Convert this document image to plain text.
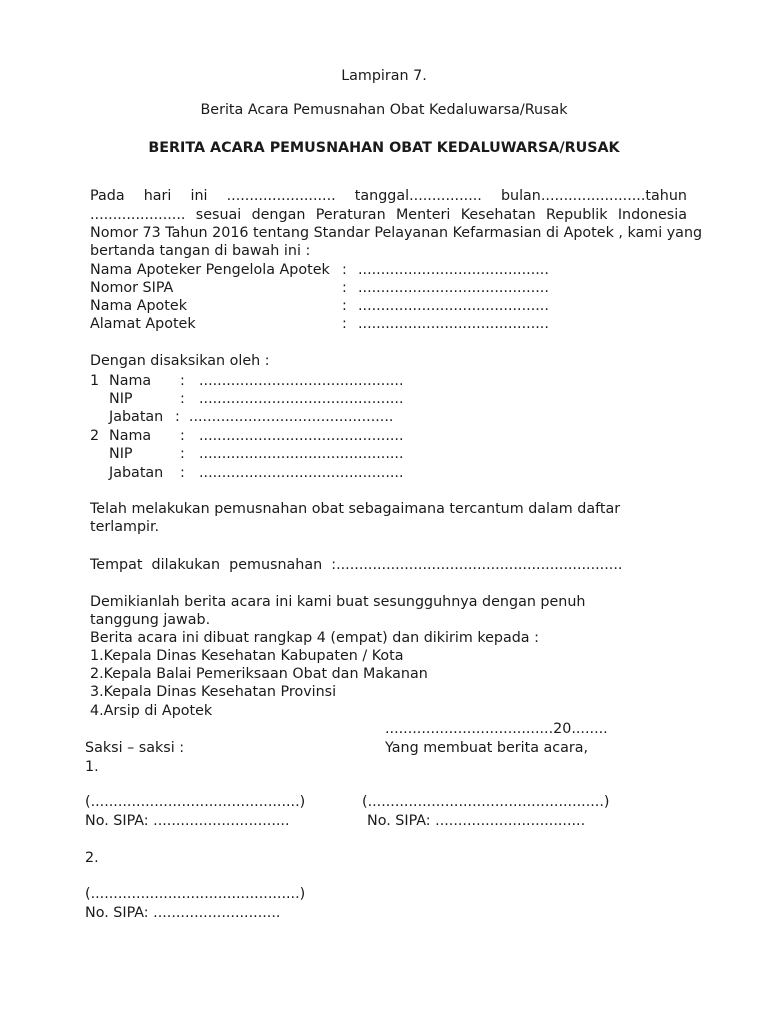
Lampiran 7.
Berita Acara Pemusnahan Obat Kedaluwarsa/Rusak
BERITA ACARA PEMUSNAHAN OBAT KEDALUWARSA/RUSAK
Pada hari ini ........................ tanggal................ bulan.......................tahun
..................... sesuai dengan Peraturan Menteri Kesehatan Republik Indonesia
Nomor 73 Tahun 2016 tentang Standar Pelayanan Kefarmasian di Apotek , kami yang
bertanda tangan di bawah ini :
Nama Apoteker Pengelola Apotek : ..........................................
Nomor SIPA	: ..........................................
Nama Apotek	: ..........................................
Alamat Apotek	: ..........................................
Dengan disaksikan oleh :
1 Nama : .............................................
NIP	: .............................................
Jabatan :  .............................................
2 Nama : .............................................
NIP	: .............................................
Jabatan : .............................................
Telah melakukan pemusnahan obat sebagaimana tercantum dalam daftar
terlampir.
Tempat  dilakukan  pemusnahan  :...............................................................
Demikianlah berita acara ini kami buat sesungguhnya dengan penuh
tanggung jawab.
Berita acara ini dibuat rangkap 4 (empat) dan dikirim kepada :
1.Kepala Dinas Kesehatan Kabupaten / Kota
2.Kepala Balai Pemeriksaan Obat dan Makanan
3.Kepala Dinas Kesehatan Provinsi
4.Arsip di Apotek
.....................................20........
Saksi – saksi :	Yang membuat berita acara,
1.
(..............................................)	(....................................................)
No. SIPA: ..............................	No. SIPA: .................................
2.
(..............................................)
No. SIPA: ............................
